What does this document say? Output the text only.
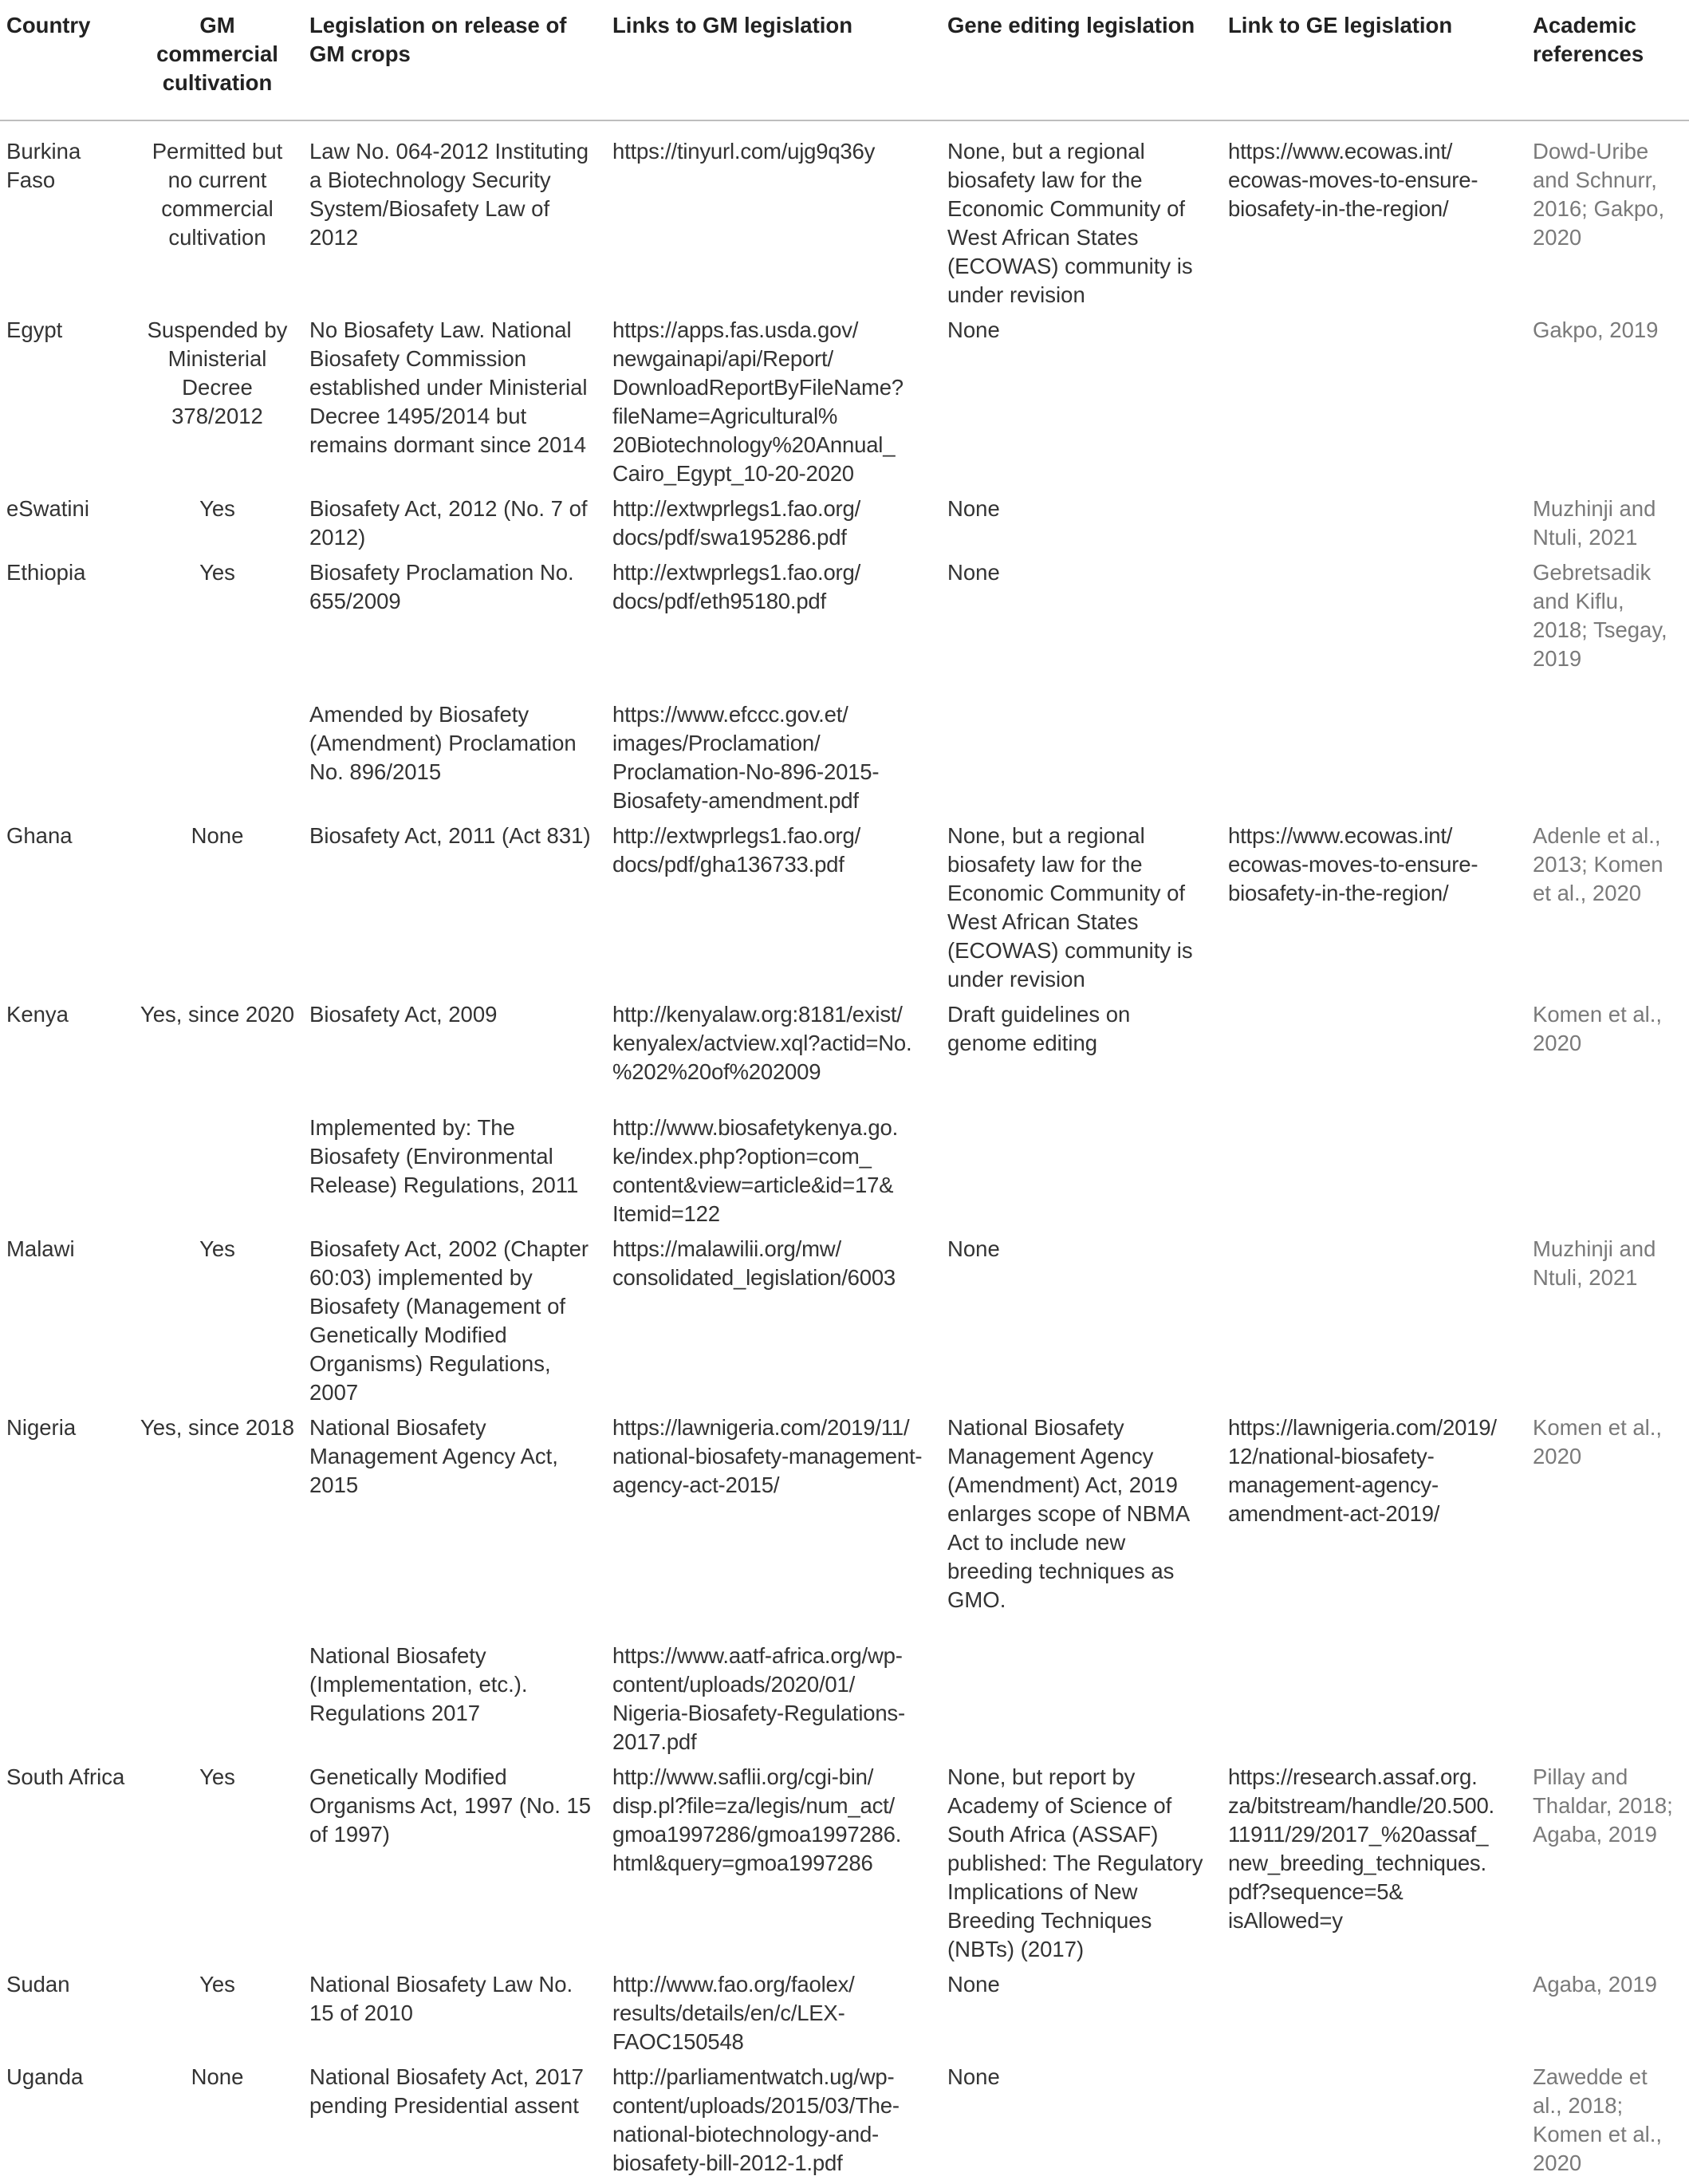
Country	GM commercial cultivation	Legislation on release of GM crops	Links to GM legislation	Gene editing legislation	Link to GE legislation	Academic references
Burkina Faso	Permitted but no current commercial cultivation	Law No. 064-2012 Instituting a Biotechnology Security System/Biosafety Law of 2012	https://tinyurl.com/ujg9q36y	None, but a regional biosafety law for the Economic Community of West African States (ECOWAS) community is under revision	https://www.ecowas.int/ ecowas-moves-to-ensure-biosafety-in-the-region/	Dowd-Uribe and Schnurr, 2016; Gakpo, 2020
Egypt	Suspended by Ministerial Decree 378/2012	No Biosafety Law. National Biosafety Commission established under Ministerial Decree 1495/2014 but remains dormant since 2014	https://apps.fas.usda.gov/ newgainapi/api/Report/ DownloadReportByFileName? fileName=Agricultural% 20Biotechnology%20Annual_ Cairo_Egypt_10-20-2020	None		Gakpo, 2019
eSwatini	Yes	Biosafety Act, 2012 (No. 7 of 2012)	http://extwprlegs1.fao.org/ docs/pdf/swa195286.pdf	None		Muzhinji and Ntuli, 2021
Ethiopia	Yes	Biosafety Proclamation No. 655/2009	http://extwprlegs1.fao.org/ docs/pdf/eth95180.pdf	None		Gebretsadik and Kiflu, 2018; Tsegay, 2019
		Amended by Biosafety (Amendment) Proclamation No. 896/2015	https://www.efccc.gov.et/ images/Proclamation/ Proclamation-No-896-2015-Biosafety-amendment.pdf			
Ghana	None	Biosafety Act, 2011 (Act 831)	http://extwprlegs1.fao.org/ docs/pdf/gha136733.pdf	None, but a regional biosafety law for the Economic Community of West African States (ECOWAS) community is under revision	https://www.ecowas.int/ ecowas-moves-to-ensure-biosafety-in-the-region/	Adenle et al., 2013; Komen et al., 2020
Kenya	Yes, since 2020	Biosafety Act, 2009	http://kenyalaw.org:8181/exist/ kenyalex/actview.xql?actid=No. %202%20of%202009	Draft guidelines on genome editing		Komen et al., 2020
		Implemented by: The Biosafety (Environmental Release) Regulations, 2011	http://www.biosafetykenya.go. ke/index.php?option=com_ content&view=article&id=17& Itemid=122			
Malawi	Yes	Biosafety Act, 2002 (Chapter 60:03) implemented by Biosafety (Management of Genetically Modified Organisms) Regulations, 2007	https://malawilii.org/mw/ consolidated_legislation/6003	None		Muzhinji and Ntuli, 2021
Nigeria	Yes, since 2018	National Biosafety Management Agency Act, 2015	https://lawnigeria.com/2019/11/ national-biosafety-management-agency-act-2015/	National Biosafety Management Agency (Amendment) Act, 2019 enlarges scope of NBMA Act to include new breeding techniques as GMO.	https://lawnigeria.com/2019/ 12/national-biosafety-management-agency-amendment-act-2019/	Komen et al., 2020
		National Biosafety (Implementation, etc.). Regulations 2017	https://www.aatf-africa.org/wp-content/uploads/2020/01/ Nigeria-Biosafety-Regulations-2017.pdf			
South Africa	Yes	Genetically Modified Organisms Act, 1997 (No. 15 of 1997)	http://www.saflii.org/cgi-bin/ disp.pl?file=za/legis/num_act/ gmoa1997286/gmoa1997286. html&query=gmoa1997286	None, but report by Academy of Science of South Africa (ASSAF) published: The Regulatory Implications of New Breeding Techniques (NBTs) (2017)	https://research.assaf.org. za/bitstream/handle/20.500. 11911/29/2017_%20assaf_ new_breeding_techniques. pdf?sequence=5& isAllowed=y	Pillay and Thaldar, 2018; Agaba, 2019
Sudan	Yes	National Biosafety Law No. 15 of 2010	http://www.fao.org/faolex/ results/details/en/c/LEX-FAOC150548	None		Agaba, 2019
Uganda	None	National Biosafety Act, 2017 pending Presidential assent	http://parliamentwatch.ug/wp-content/uploads/2015/03/The-national-biotechnology-and-biosafety-bill-2012-1.pdf	None		Zawedde et al., 2018; Komen et al., 2020
